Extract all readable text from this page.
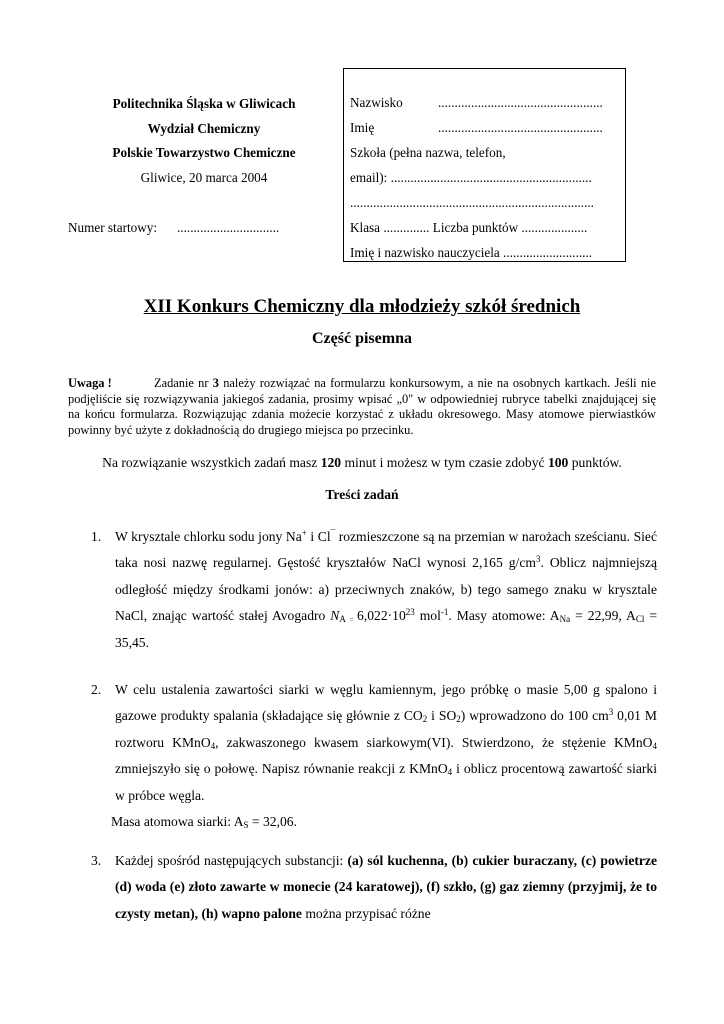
Politechnika Śląska w Gliwicach
Wydział Chemiczny
Polskie Towarzystwo Chemiczne
Gliwice, 20 marca 2004
Numer startowy: ...............................
Nazwisko	..................................................
Imię	..................................................
Szkoła (pełna nazwa, telefon,
email): .............................................................
..........................................................................
Klasa .............. Liczba punktów ....................
Imię i nazwisko nauczyciela ...........................
XII Konkurs Chemiczny dla młodzieży szkół średnich
Część pisemna
Uwaga !	Zadanie nr 3 należy rozwiązać na formularzu konkursowym, a nie na osobnych kartkach. Jeśli nie podjęliście się rozwiązywania jakiegoś zadania, prosimy wpisać „0" w odpowiedniej rubryce tabelki znajdującej się na końcu formularza. Rozwiązując zdania możecie korzystać z układu okresowego. Masy atomowe pierwiastków powinny być użyte z dokładnością do drugiego miejsca po przecinku.
Na rozwiązanie wszystkich zadań masz 120 minut i możesz w tym czasie zdobyć 100 punktów.
Treści zadań
1. W krysztale chlorku sodu jony Na+ i Cl¯ rozmieszczone są na przemian w narożach sześcianu. Sieć taka nosi nazwę regularnej. Gęstość kryształów NaCl wynosi 2,165 $g/cm^3$. Oblicz najmniejszą odległość między środkami jonów: a) przeciwnych znaków, b) tego samego znaku w krysztale NaCl, znając wartość stałej Avogadro $N_A$ $_=$ $6,022\cdot 10^{23}$ mol$^{-1}$. Masy atomowe: $A_{Na} = 22,99$, $A_{Cl} = 35,45$.
2. W celu ustalenia zawartości siarki w węglu kamiennym, jego próbkę o masie 5,00 g spalono i gazowe produkty spalania (składające się głównie z $CO_2$ i $SO_2$) wprowadzono do 100 $cm^3$ 0,01 M roztworu KMnO$_4$, zakwaszonego kwasem siarkowym(VI). Stwierdzono, że stężenie KMnO$_4$ zmniejszyło się o połowę. Napisz równanie reakcji z KMnO$_4$ i oblicz procentową zawartość siarki w próbce węgla.
Masa atomowa siarki: $A_S = 32,06$.
3. Każdej spośród następujących substancji: (a) sól kuchenna, (b) cukier buraczany, (c) powietrze (d) woda (e) złoto zawarte w monecie (24 karatowej), (f) szkło, (g) gaz ziemny (przyjmij, że to czysty metan), (h) wapno palone można przypisać różne
